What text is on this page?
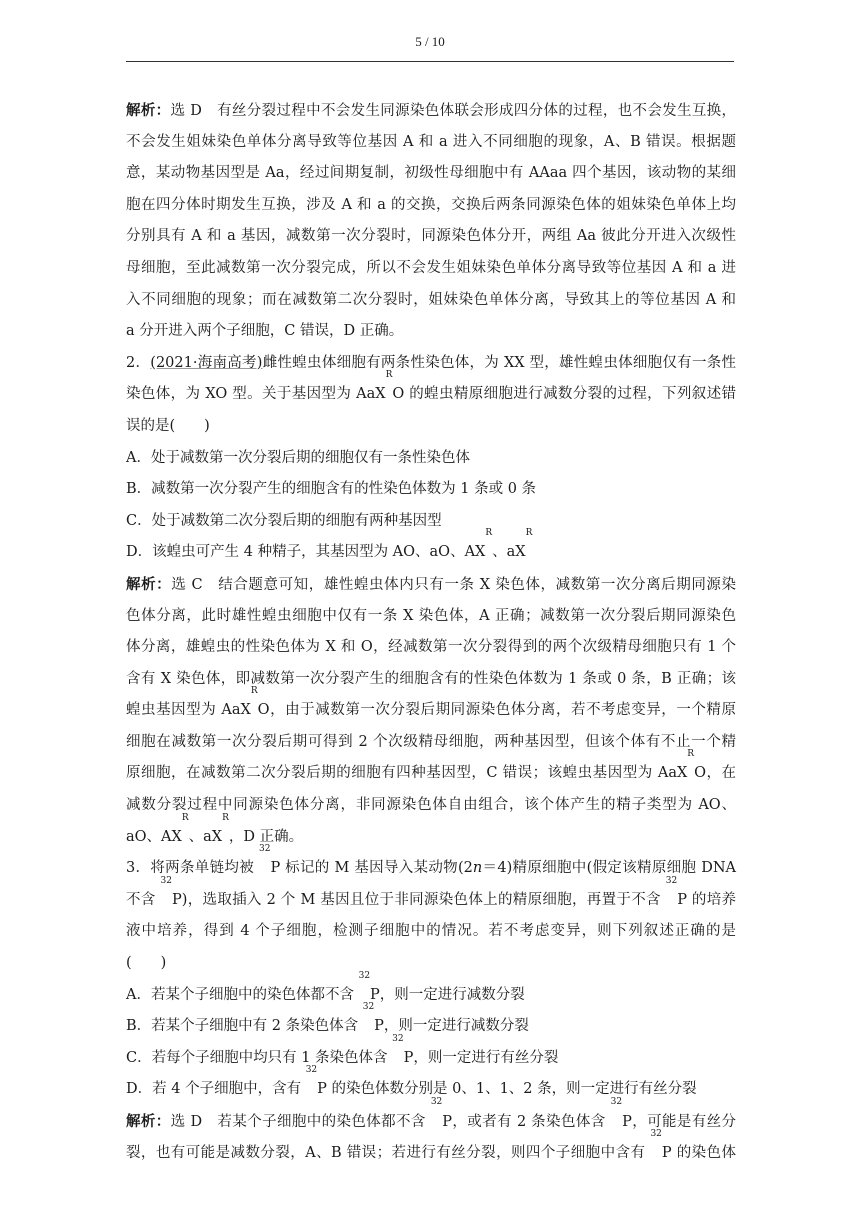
5 / 10
解析：选 D　有丝分裂过程中不会发生同源染色体联会形成四分体的过程，也不会发生互换，
不会发生姐妹染色单体分离导致等位基因 A 和 a 进入不同细胞的现象，A、B 错误。根据题
意，某动物基因型是 Aa，经过间期复制，初级性母细胞中有 AAaa 四个基因，该动物的某细
胞在四分体时期发生互换，涉及 A 和 a 的交换，交换后两条同源染色体的姐妹染色单体上均
分别具有 A 和 a 基因，减数第一次分裂时，同源染色体分开，两组 Aa 彼此分开进入次级性
母细胞，至此减数第一次分裂完成，所以不会发生姐妹染色单体分离导致等位基因 A 和 a 进
入不同细胞的现象；而在减数第二次分裂时，姐妹染色单体分离，导致其上的等位基因 A 和
a 分开进入两个子细胞，C 错误，D 正确。
2．(2021·海南高考)雌性蝗虫体细胞有两条性染色体，为 XX 型，雄性蝗虫体细胞仅有一条性
染色体，为 XO 型。关于基因型为 AaX$^R$O 的蝗虫精原细胞进行减数分裂的过程，下列叙述错
误的是(　　)
A．处于减数第一次分裂后期的细胞仅有一条性染色体
B．减数第一次分裂产生的细胞含有的性染色体数为 1 条或 0 条
C．处于减数第二次分裂后期的细胞有两种基因型
D．该蝗虫可产生 4 种精子，其基因型为 AO、aO、$AX^R$、$aX^R$
解析：选 C　结合题意可知，雄性蝗虫体内只有一条 X 染色体，减数第一次分离后期同源染
色体分离，此时雄性蝗虫细胞中仅有一条 X 染色体，A 正确；减数第一次分裂后期同源染色
体分离，雄蝗虫的性染色体为 X 和 O，经减数第一次分裂得到的两个次级精母细胞只有 1 个
含有 X 染色体，即减数第一次分裂产生的细胞含有的性染色体数为 1 条或 0 条，B 正确；该
蝗虫基因型为 AaX$^R$O，由于减数第一次分裂后期同源染色体分离，若不考虑变异，一个精原
细胞在减数第一次分裂后期可得到 2 个次级精母细胞，两种基因型，但该个体有不止一个精
原细胞，在减数第二次分裂后期的细胞有四种基因型，C 错误；该蝗虫基因型为 AaX$^R$O，在
减数分裂过程中同源染色体分离，非同源染色体自由组合，该个体产生的精子类型为 AO、
aO、$AX^R$、$aX^R$，D 正确。
3．将两条单链均被 $^{32}$P 标记的 M 基因导入某动物(2n＝4)精原细胞中(假定该精原细胞 DNA
不含 $^{32}$P)，选取插入 2 个 M 基因且位于非同源染色体上的精原细胞，再置于不含 $^{32}$P 的培养
液中培养，得到 4 个子细胞，检测子细胞中的情况。若不考虑变异，则下列叙述正确的是
(　　)
A．若某个子细胞中的染色体都不含 $^{32}$P，则一定进行减数分裂
B．若某个子细胞中有 2 条染色体含 $^{32}$P，则一定进行减数分裂
C．若每个子细胞中均只有 1 条染色体含 $^{32}$P，则一定进行有丝分裂
D．若 4 个子细胞中，含有 $^{32}$P 的染色体数分别是 0、1、1、2 条，则一定进行有丝分裂
解析：选 D　若某个子细胞中的染色体都不含 $^{32}$P，或者有 2 条染色体含 $^{32}$P，可能是有丝分
裂，也有可能是减数分裂，A、B 错误；若进行有丝分裂，则四个子细胞中含有 $^{32}$P 的染色体
